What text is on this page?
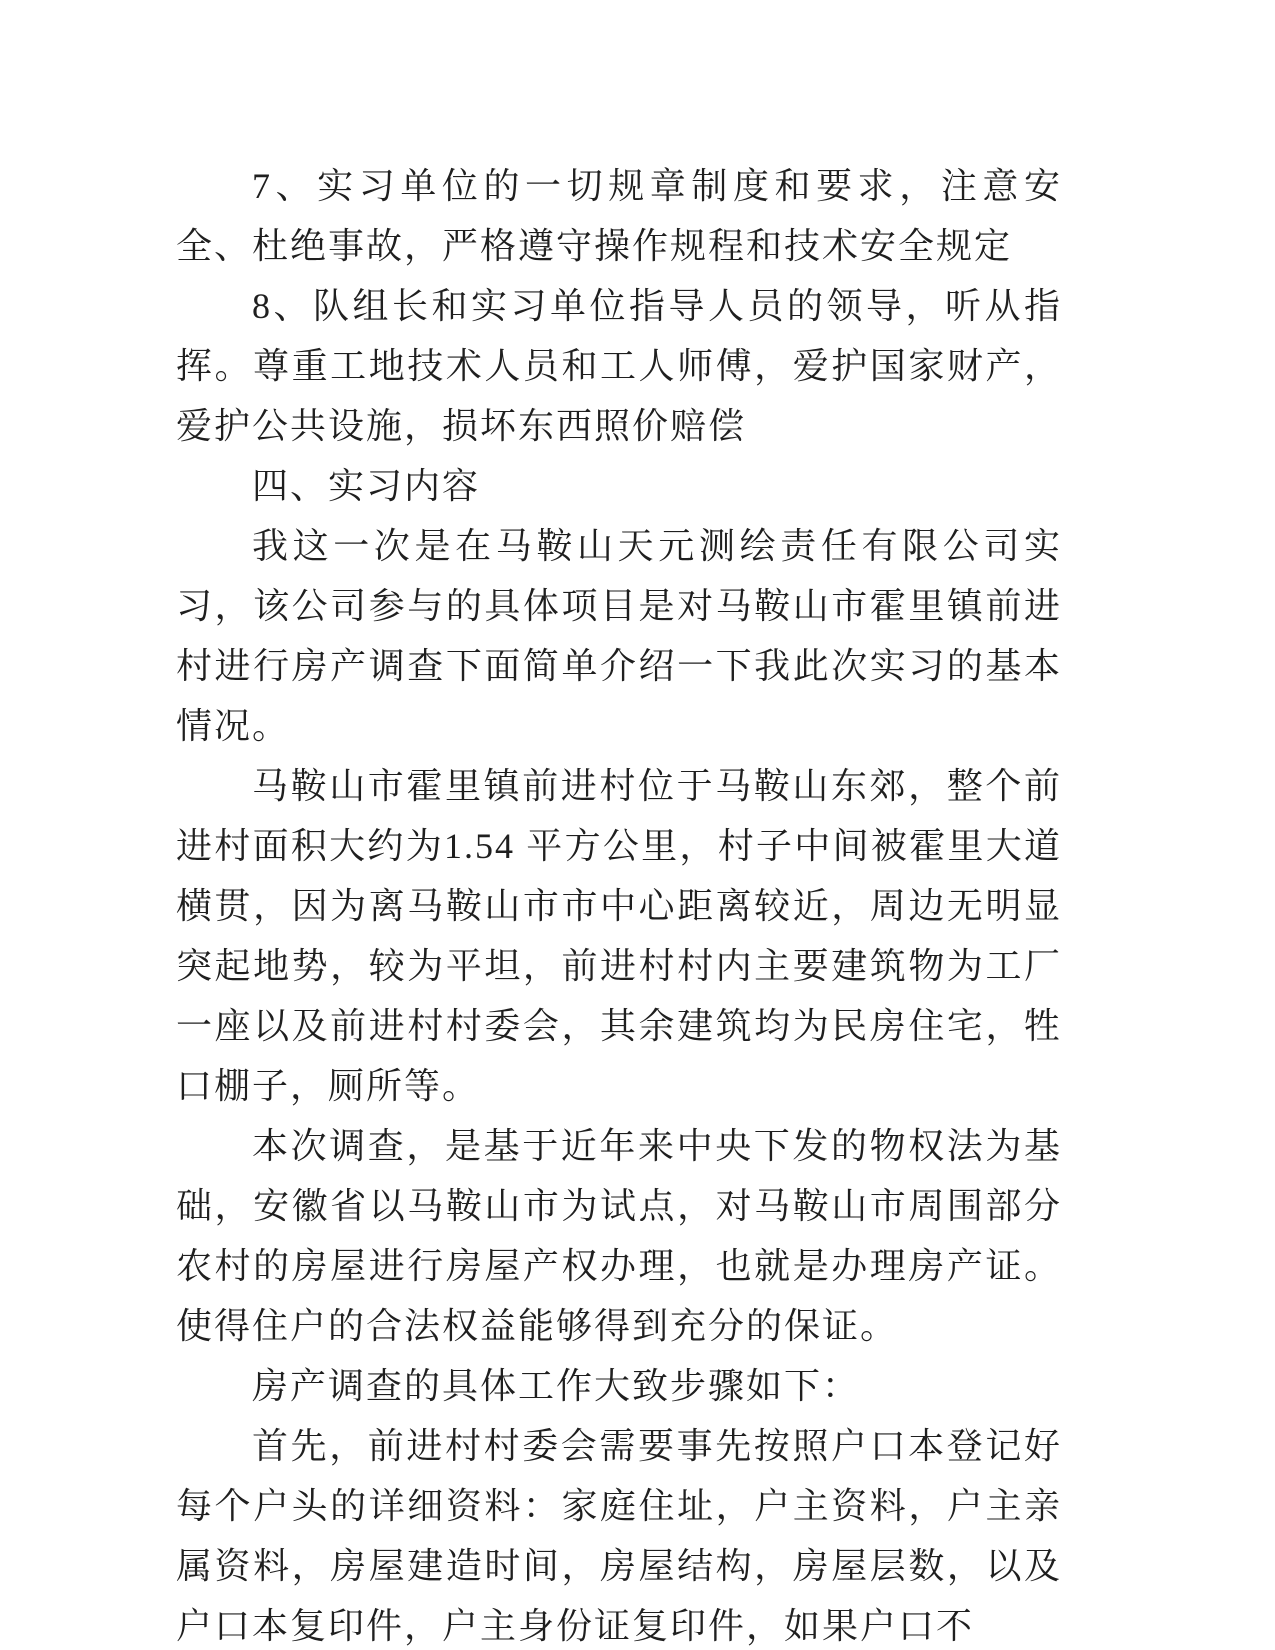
7、实习单位的一切规章制度和要求，注意安全、杜绝事故，严格遵守操作规程和技术安全规定

8、队组长和实习单位指导人员的领导，听从指挥。尊重工地技术人员和工人师傅，爱护国家财产，爱护公共设施，损坏东西照价赔偿

四、实习内容

我这一次是在马鞍山天元测绘责任有限公司实习，该公司参与的具体项目是对马鞍山市霍里镇前进村进行房产调查下面简单介绍一下我此次实习的基本情况。

马鞍山市霍里镇前进村位于马鞍山东郊，整个前进村面积大约为1.54 平方公里，村子中间被霍里大道横贯，因为离马鞍山市市中心距离较近，周边无明显突起地势，较为平坦，前进村村内主要建筑物为工厂一座以及前进村村委会，其余建筑均为民房住宅，牲口棚子，厕所等。

本次调查，是基于近年来中央下发的物权法为基础，安徽省以马鞍山市为试点，对马鞍山市周围部分农村的房屋进行房屋产权办理，也就是办理房产证。使得住户的合法权益能够得到充分的保证。

房产调查的具体工作大致步骤如下：

首先，前进村村委会需要事先按照户口本登记好每个户头的详细资料：家庭住址，户主资料，户主亲属资料，房屋建造时间，房屋结构，房屋层数，以及户口本复印件，户主身份证复印件，如果户口不
